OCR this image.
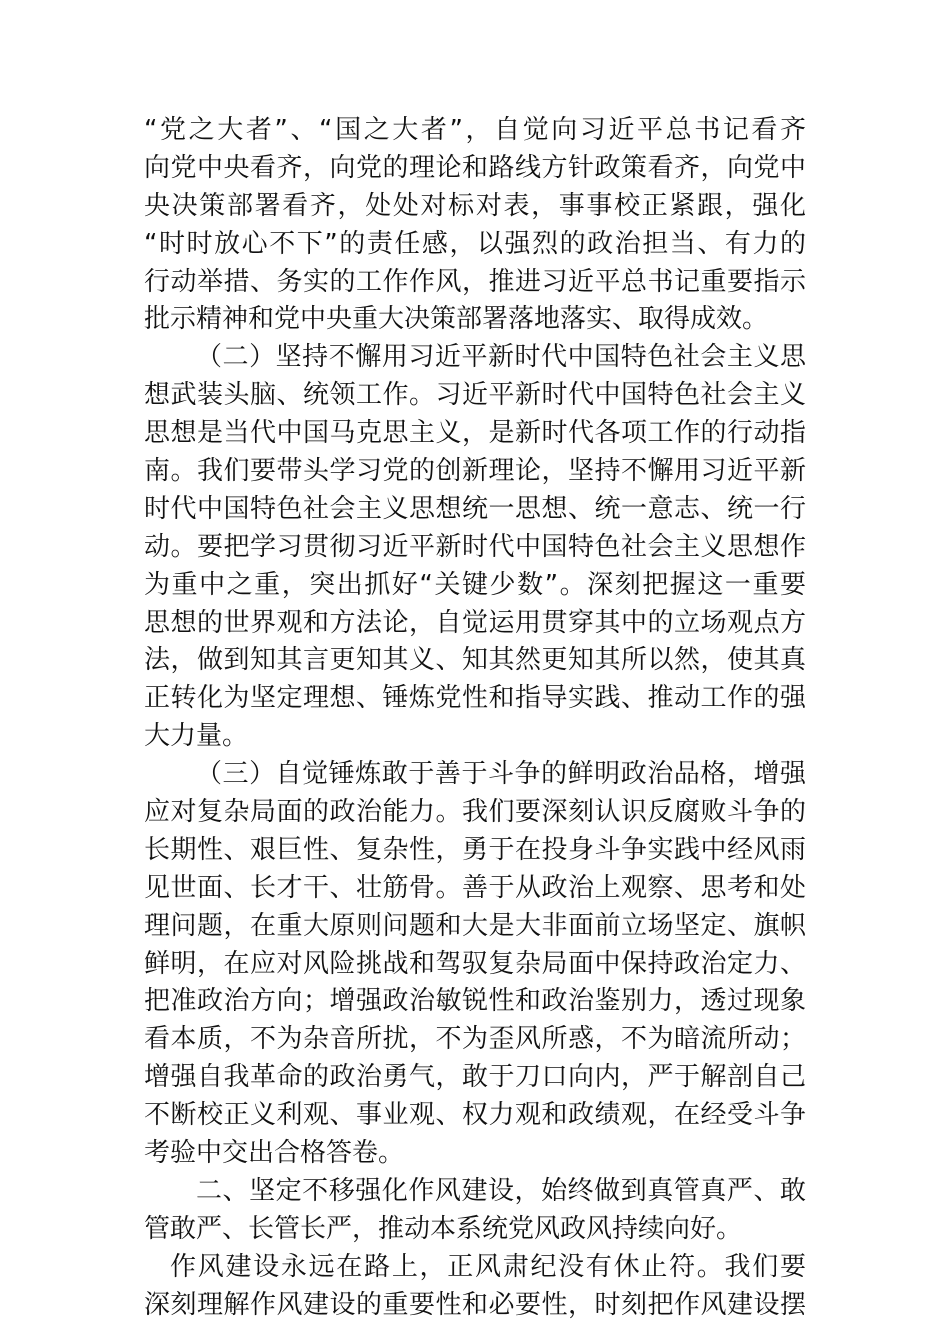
“党之大者”、“国之大者”，自觉向习近平总书记看齐
向党中央看齐，向党的理论和路线方针政策看齐，向党中
央决策部署看齐，处处对标对表，事事校正紧跟，强化
“时时放心不下”的责任感，以强烈的政治担当、有力的
行动举措、务实的工作作风，推进习近平总书记重要指示
批示精神和党中央重大决策部署落地落实、取得成效。
（二）坚持不懈用习近平新时代中国特色社会主义思
想武装头脑、统领工作。习近平新时代中国特色社会主义
思想是当代中国马克思主义，是新时代各项工作的行动指
南。我们要带头学习党的创新理论，坚持不懈用习近平新
时代中国特色社会主义思想统一思想、统一意志、统一行
动。要把学习贯彻习近平新时代中国特色社会主义思想作
为重中之重，突出抓好“关键少数”。深刻把握这一重要
思想的世界观和方法论，自觉运用贯穿其中的立场观点方
法，做到知其言更知其义、知其然更知其所以然，使其真
正转化为坚定理想、锤炼党性和指导实践、推动工作的强
大力量。
（三）自觉锤炼敢于善于斗争的鲜明政治品格，增强
应对复杂局面的政治能力。我们要深刻认识反腐败斗争的
长期性、艰巨性、复杂性，勇于在投身斗争实践中经风雨
见世面、长才干、壮筋骨。善于从政治上观察、思考和处
理问题，在重大原则问题和大是大非面前立场坚定、旗帜
鲜明，在应对风险挑战和驾驭复杂局面中保持政治定力、
把准政治方向；增强政治敏锐性和政治鉴别力，透过现象
看本质，不为杂音所扰，不为歪风所惑，不为暗流所动；
增强自我革命的政治勇气，敢于刀口向内，严于解剖自己
不断校正义利观、事业观、权力观和政绩观，在经受斗争
考验中交出合格答卷。
二、坚定不移强化作风建设，始终做到真管真严、敢
管敢严、长管长严，推动本系统党风政风持续向好。
作风建设永远在路上，正风肃纪没有休止符。我们要
深刻理解作风建设的重要性和必要性，时刻把作风建设摆
